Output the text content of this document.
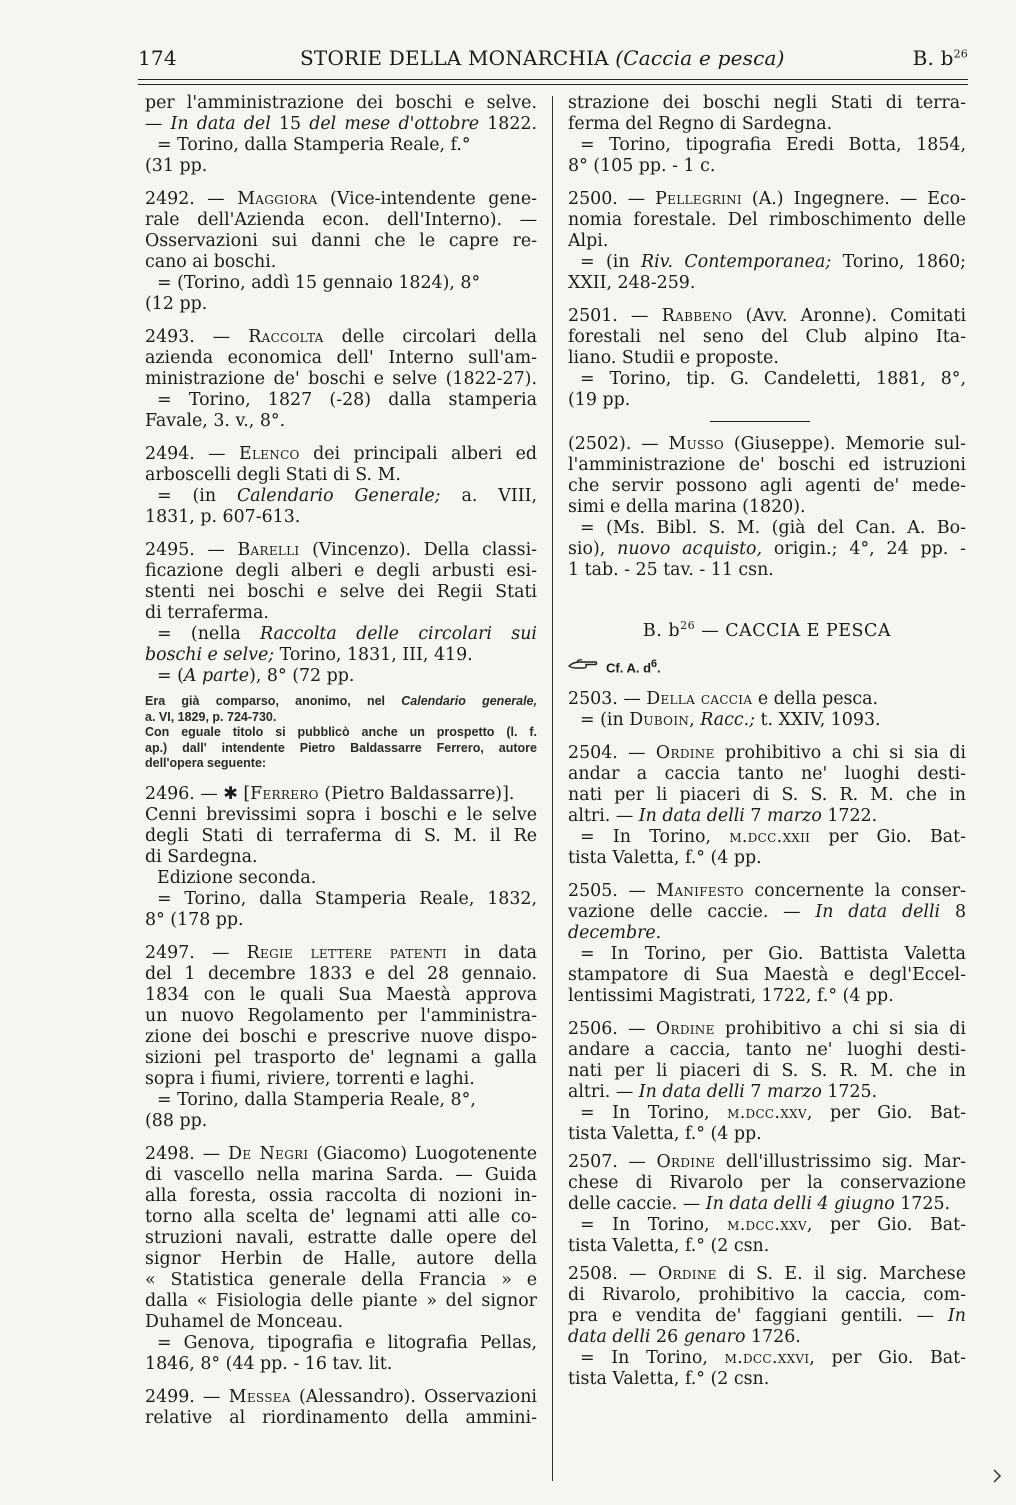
174	STORIE DELLA MONARCHIA (Caccia e pesca)	B. $b^{26}$
per l'amministrazione dei boschi e selve.
— In data del 15 del mese d'ottobre 1822.
= Torino, dalla Stamperia Reale, f.°
(31 pp.
2492. — Maggiora (Vice-intendente gene-
rale dell'Azienda econ. dell'Interno). —
Osservazioni sui danni che le capre re-
cano ai boschi.
= (Torino, addì 15 gennaio 1824), 8°
(12 pp.
2493. — Raccolta delle circolari della
azienda economica dell' Interno sull'am-
ministrazione de' boschi e selve (1822-27).
= Torino, 1827 (-28) dalla stamperia
Favale, 3. v., 8°.
2494. — Elenco dei principali alberi ed
arboscelli degli Stati di S. M.
= (in Calendario Generale; a. VIII,
1831, p. 607-613.
2495. — Barelli (Vincenzo). Della classi-
ficazione degli alberi e degli arbusti esi-
stenti nei boschi e selve dei Regii Stati
di terraferma.
= (nella Raccolta delle circolari sui
boschi e selve; Torino, 1831, III, 419.
= (A parte), 8° (72 pp.
Era già comparso, anonimo, nel Calendario generale,
a. VI, 1829, p. 724-730.
Con eguale titolo si pubblicò anche un prospetto (l. f.
ap.) dall' intendente Pietro Baldassarre Ferrero, autore
dell'opera seguente:
2496. — ✱ [Ferrero (Pietro Baldassarre)].
Cenni brevissimi sopra i boschi e le selve
degli Stati di terraferma di S. M. il Re
di Sardegna.
Edizione seconda.
= Torino, dalla Stamperia Reale, 1832,
8° (178 pp.
2497. — Regie lettere patenti in data
del 1 decembre 1833 e del 28 gennaio.
1834 con le quali Sua Maestà approva
un nuovo Regolamento per l'amministra-
zione dei boschi e prescrive nuove dispo-
sizioni pel trasporto de' legnami a galla
sopra i fiumi, riviere, torrenti e laghi.
= Torino, dalla Stamperia Reale, 8°,
(88 pp.
2498. — De Negri (Giacomo) Luogotenente
di vascello nella marina Sarda. — Guida
alla foresta, ossia raccolta di nozioni in-
torno alla scelta de' legnami atti alle co-
struzioni navali, estratte dalle opere del
signor Herbin de Halle, autore della
« Statistica generale della Francia » e
dalla « Fisiologia delle piante » del signor
Duhamel de Monceau.
= Genova, tipografia e litografia Pellas,
1846, 8° (44 pp. - 16 tav. lit.
2499. — Messea (Alessandro). Osservazioni
relative al riordinamento della ammini-
strazione dei boschi negli Stati di terra-
ferma del Regno di Sardegna.
= Torino, tipografia Eredi Botta, 1854,
8° (105 pp. - 1 c.
2500. — Pellegrini (A.) Ingegnere. — Eco-
nomia forestale. Del rimboschimento delle
Alpi.
= (in Riv. Contemporanea; Torino, 1860;
XXII, 248-259.
2501. — Rabbeno (Avv. Aronne). Comitati
forestali nel seno del Club alpino Ita-
liano. Studii e proposte.
= Torino, tip. G. Candeletti, 1881, 8°,
(19 pp.
(2502). — Musso (Giuseppe). Memorie sul-
l'amministrazione de' boschi ed istruzioni
che servir possono agli agenti de' mede-
simi e della marina (1820).
= (Ms. Bibl. S. M. (già del Can. A. Bo-
sio), nuovo acquisto, origin.; 4°, 24 pp. -
1 tab. - 25 tav. - 11 csn.
B. $b^{26}$ — CACCIA E PESCA
Cf. A. $d^6$.
2503. — Della caccia e della pesca.
= (in Duboin, Racc.; t. XXIV, 1093.
2504. — Ordine prohibitivo a chi si sia di
andar a caccia tanto ne' luoghi desti-
nati per li piaceri di S. S. R. M. che in
altri. — In data delli 7 marzo 1722.
= In Torino, m.dcc.xxii per Gio. Bat-
tista Valetta, f.° (4 pp.
2505. — Manifesto concernente la conser-
vazione delle caccie. — In data delli 8
decembre.
= In Torino, per Gio. Battista Valetta
stampatore di Sua Maestà e degl'Eccel-
lentissimi Magistrati, 1722, f.° (4 pp.
2506. — Ordine prohibitivo a chi si sia di
andare a caccia, tanto ne' luoghi desti-
nati per li piaceri di S. S. R. M. che in
altri. — In data delli 7 marzo 1725.
= In Torino, m.dcc.xxv, per Gio. Bat-
tista Valetta, f.° (4 pp.
2507. — Ordine dell'illustrissimo sig. Mar-
chese di Rivarolo per la conservazione
delle caccie. — In data delli 4 giugno 1725.
= In Torino, m.dcc.xxv, per Gio. Bat-
tista Valetta, f.° (2 csn.
2508. — Ordine di S. E. il sig. Marchese
di Rivarolo, prohibitivo la caccia, com-
pra e vendita de' faggiani gentili. — In
data delli 26 genaro 1726.
= In Torino, m.dcc.xxvi, per Gio. Bat-
tista Valetta, f.° (2 csn.
